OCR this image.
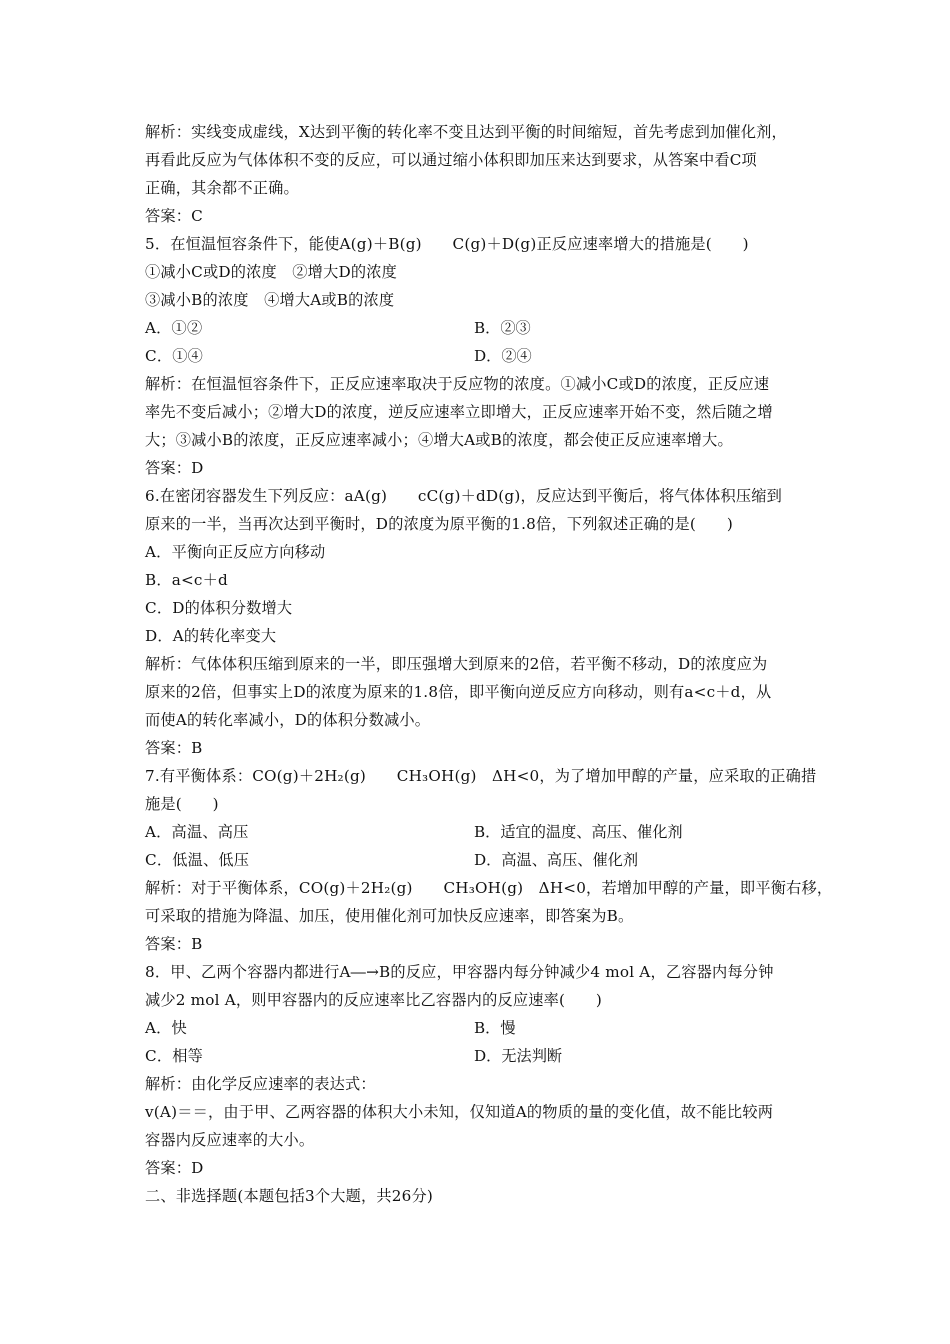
解析：实线变成虚线，X达到平衡的转化率不变且达到平衡的时间缩短，首先考虑到加催化剂，
再看此反应为气体体积不变的反应，可以通过缩小体积即加压来达到要求，从答案中看C项
正确，其余都不正确。
答案：C
5．在恒温恒容条件下，能使A(g)＋B(g)　　C(g)＋D(g)正反应速率增大的措施是(　　)
①减小C或D的浓度　②增大D的浓度
③减小B的浓度　④增大A或B的浓度
A．①②	B．②③
C．①④	D．②④
解析：在恒温恒容条件下，正反应速率取决于反应物的浓度。①减小C或D的浓度，正反应速
率先不变后减小；②增大D的浓度，逆反应速率立即增大，正反应速率开始不变，然后随之增
大；③减小B的浓度，正反应速率减小；④增大A或B的浓度，都会使正反应速率增大。
答案：D
6.在密闭容器发生下列反应：aA(g)　　cC(g)＋dD(g)，反应达到平衡后，将气体体积压缩到
原来的一半，当再次达到平衡时，D的浓度为原平衡的1.8倍，下列叙述正确的是(　　)
A．平衡向正反应方向移动
B．a<c＋d
C．D的体积分数增大
D．A的转化率变大
解析：气体体积压缩到原来的一半，即压强增大到原来的2倍，若平衡不移动，D的浓度应为
原来的2倍，但事实上D的浓度为原来的1.8倍，即平衡向逆反应方向移动，则有a<c＋d，从
而使A的转化率减小，D的体积分数减小。
答案：B
7.有平衡体系：CO(g)＋2H₂(g)　　CH₃OH(g)　ΔH<0，为了增加甲醇的产量，应采取的正确措
施是(　　)
A．高温、高压	B．适宜的温度、高压、催化剂
C．低温、低压	D．高温、高压、催化剂
解析：对于平衡体系，CO(g)＋2H₂(g)　　CH₃OH(g)　ΔH<0，若增加甲醇的产量，即平衡右移，
可采取的措施为降温、加压，使用催化剂可加快反应速率，即答案为B。
答案：B
8．甲、乙两个容器内都进行A―→B的反应，甲容器内每分钟减少4 mol A，乙容器内每分钟
减少2 mol A，则甲容器内的反应速率比乙容器内的反应速率(　　)
A．快	B．慢
C．相等	D．无法判断
解析：由化学反应速率的表达式：
v(A)＝＝，由于甲、乙两容器的体积大小未知，仅知道A的物质的量的变化值，故不能比较两
容器内反应速率的大小。
答案：D
二、非选择题(本题包括3个大题，共26分)
